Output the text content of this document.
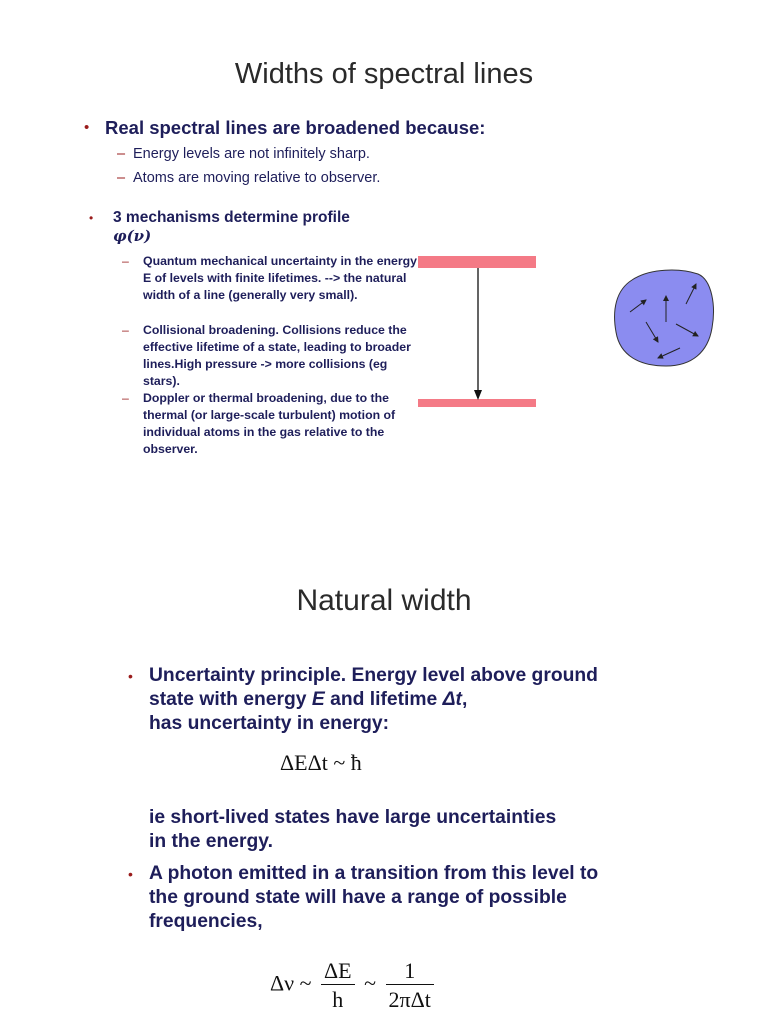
Widths of spectral lines
• Real spectral lines are broadened because:
– Energy levels are not infinitely sharp.
– Atoms are moving relative to observer.
• 3 mechanisms determine profile
φ(ν)
– Quantum mechanical uncertainty in the energy E of levels with finite lifetimes. --> the natural width of a line (generally very small).
– Collisional broadening. Collisions reduce the effective lifetime of a state, leading to broader lines.High pressure -> more collisions (eg stars).
– Doppler or thermal broadening, due to the thermal (or large-scale turbulent) motion of individual atoms in the gas relative to the observer.
Natural width
• Uncertainty principle. Energy level above ground state with energy E and lifetime Δt,
has uncertainty in energy:
ΔEΔt ~ ħ
ie short-lived states have large uncertainties in the energy.
• A photon emitted in a transition from this level to the ground state will have a range of possible frequencies,
Δν ~ $\frac{\Delta E}{h}$ ~ $\frac{1}{\text{2πΔt}}$
